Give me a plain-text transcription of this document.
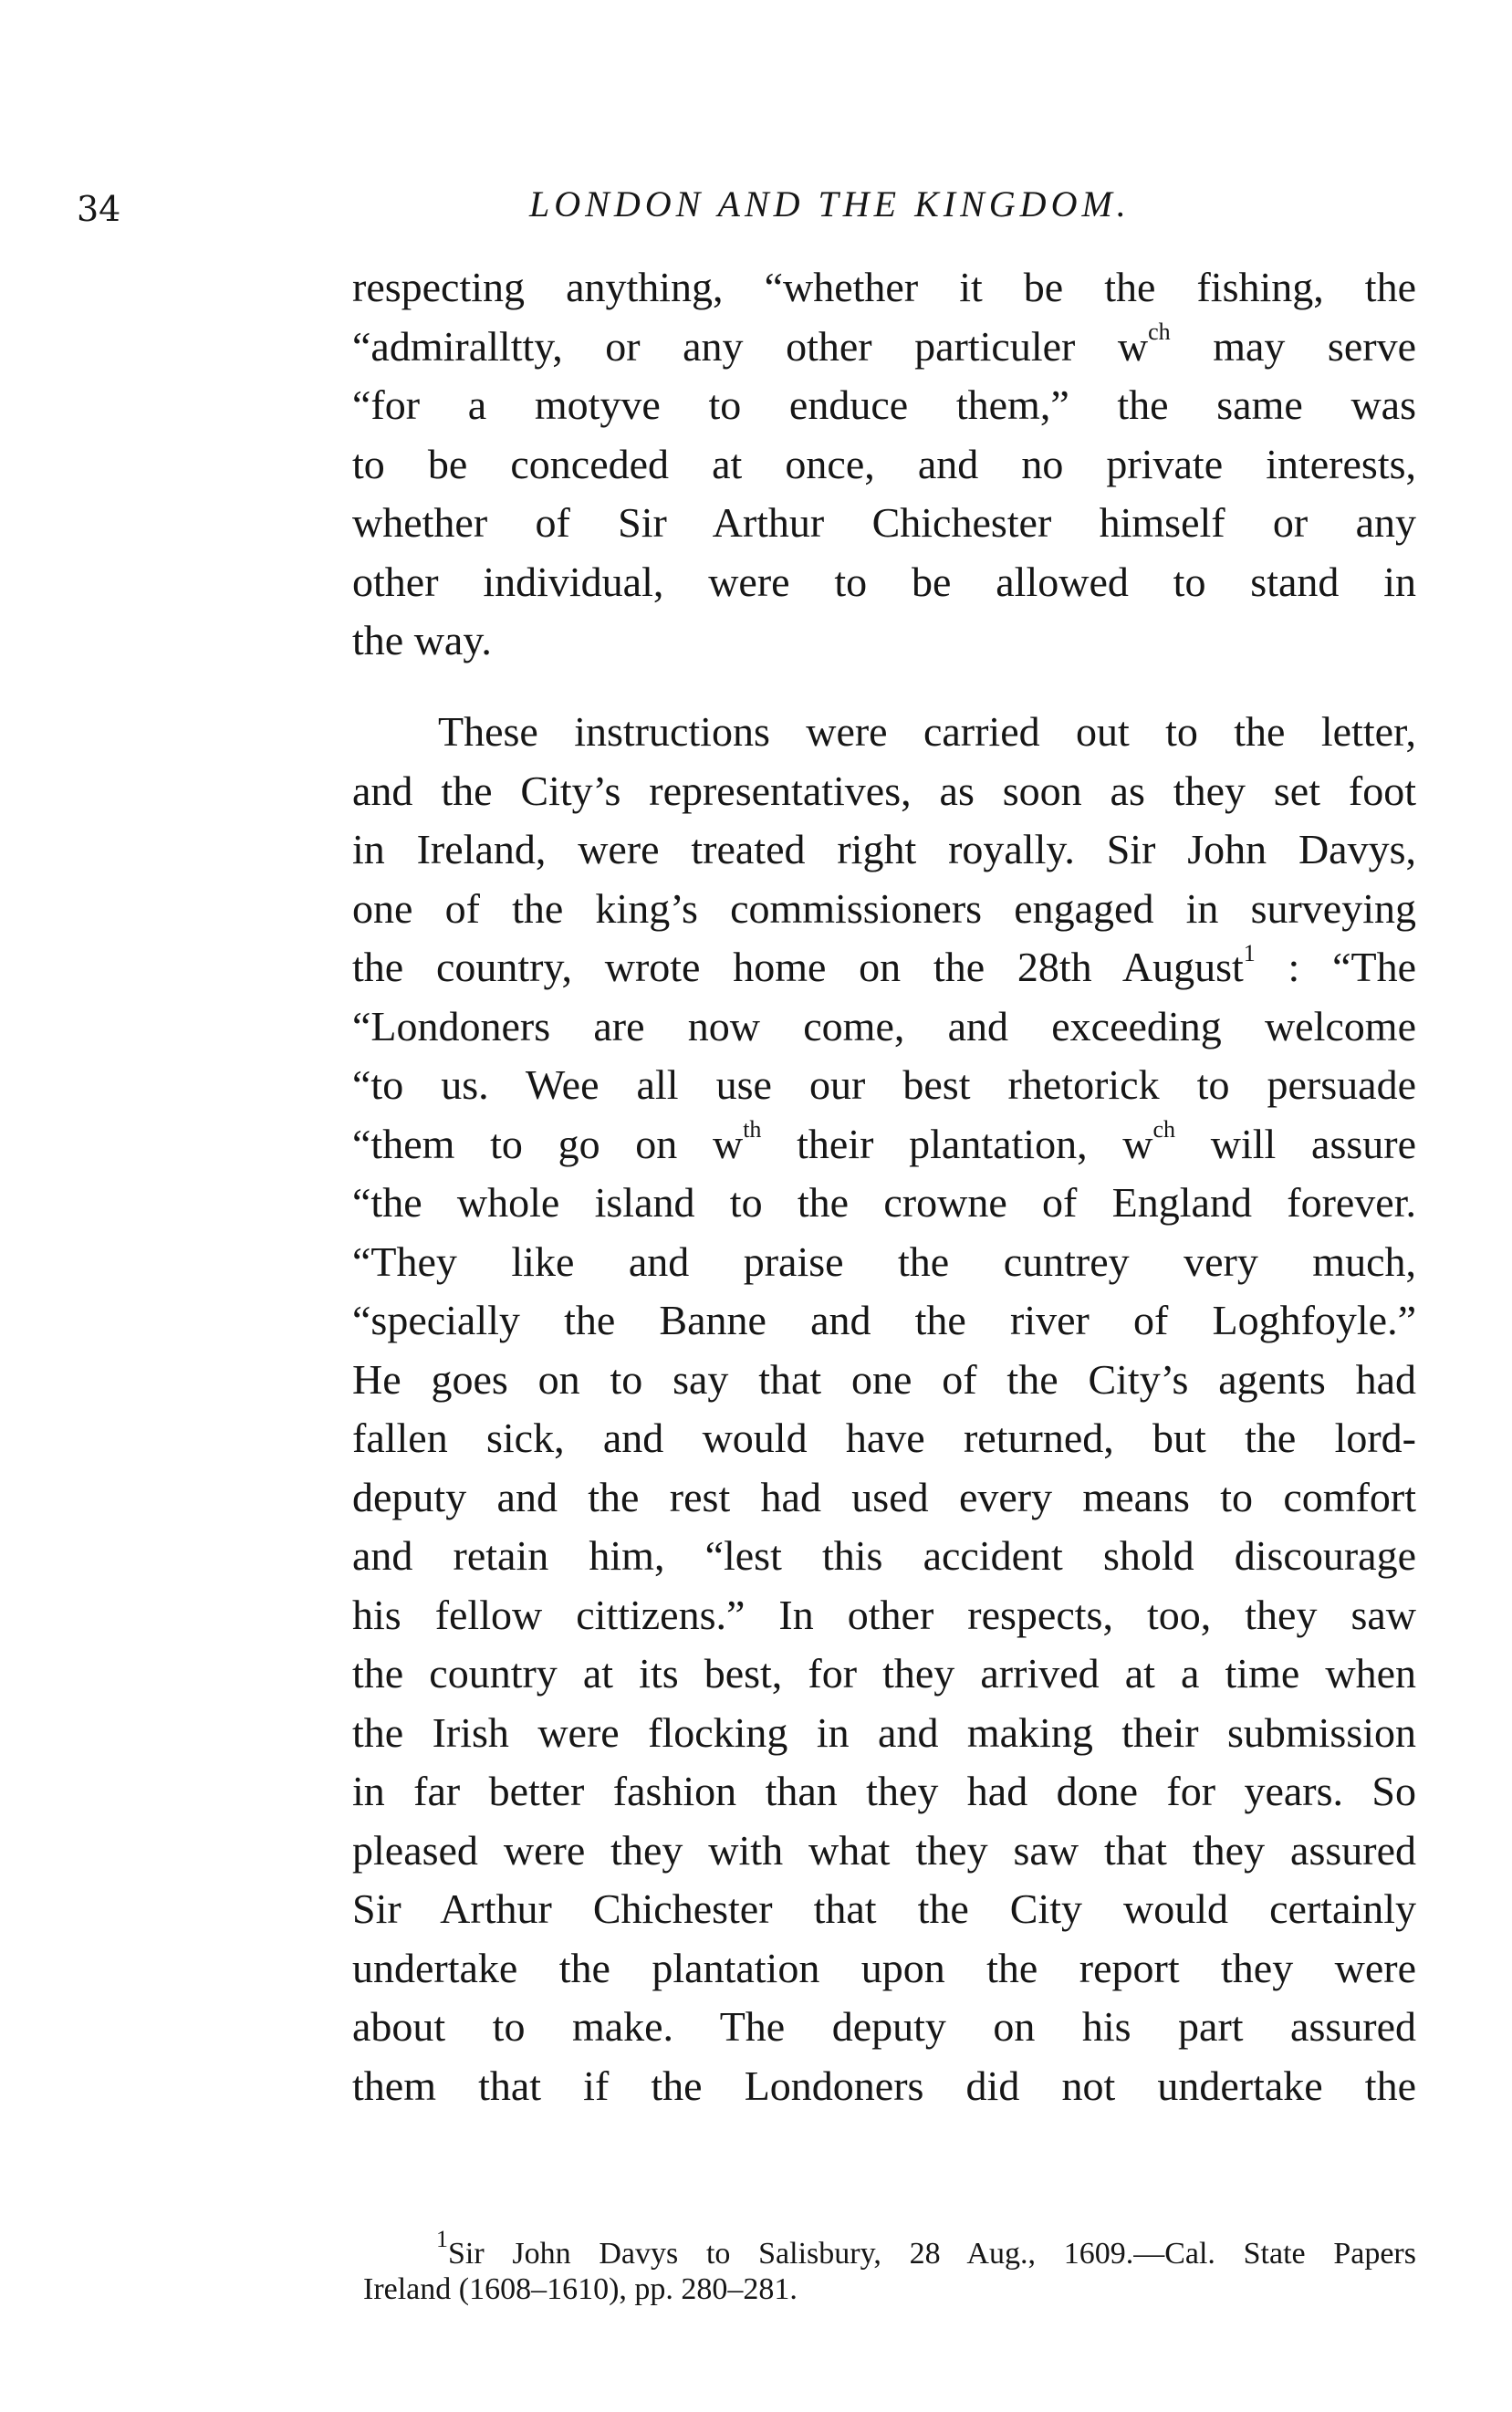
34	LONDON AND THE KINGDOM.
respecting anything, “whether it be the fishing, the
“admiralltty, or any other particuler $w^{ch}$ may serve
“for a motyve to enduce them,” the same was
to be conceded at once, and no private interests,
whether of Sir Arthur Chichester himself or any
other individual, were to be allowed to stand in
the way.
These instructions were carried out to the letter,
and the City’s representatives, as soon as they set foot
in Ireland, were treated right royally. Sir John Davys,
one of the king’s commissioners engaged in surveying
the country, wrote home on the 28th August$^1$ : “The
“Londoners are now come, and exceeding welcome
“to us. Wee all use our best rhetorick to persuade
“them to go on $w^{th}$ their plantation, $w^{ch}$ will assure
“the whole island to the crowne of England forever.
“They like and praise the cuntrey very much,
“specially the Banne and the river of Loghfoyle.”
He goes on to say that one of the City’s agents had
fallen sick, and would have returned, but the lord-
deputy and the rest had used every means to comfort
and retain him, “lest this accident shold discourage
his fellow cittizens.” In other respects, too, they saw
the country at its best, for they arrived at a time when
the Irish were flocking in and making their submission
in far better fashion than they had done for years. So
pleased were they with what they saw that they assured
Sir Arthur Chichester that the City would certainly
undertake the plantation upon the report they were
about to make. The deputy on his part assured
them that if the Londoners did not undertake the
$^1$Sir John Davys to Salisbury, 28 Aug., 1609.—Cal. State Papers
Ireland (1608–1610), pp. 280–281.
